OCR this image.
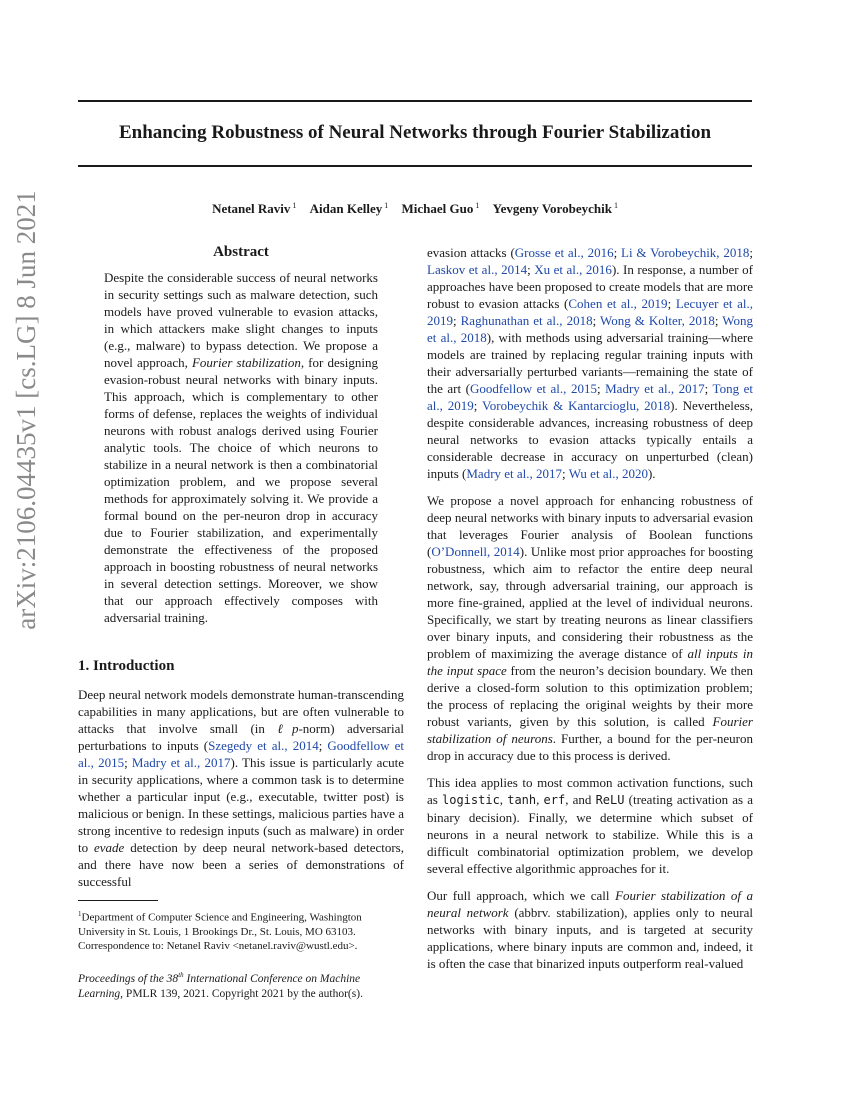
arXiv:2106.04435v1 [cs.LG] 8 Jun 2021
Enhancing Robustness of Neural Networks through Fourier Stabilization
Netanel Raviv $^1$ Aidan Kelley $^1$ Michael Guo $^1$ Yevgeny Vorobeychik $^1$
Abstract

Despite the considerable success of neural networks in security settings such as malware detection, such models have proved vulnerable to evasion attacks, in which attackers make slight changes to inputs (e.g., malware) to bypass detection. We propose a novel approach, Fourier stabilization, for designing evasion-robust neural networks with binary inputs. This approach, which is complementary to other forms of defense, replaces the weights of individual neurons with robust analogs derived using Fourier analytic tools. The choice of which neurons to stabilize in a neural network is then a combinatorial optimization problem, and we propose several methods for approximately solving it. We provide a formal bound on the per-neuron drop in accuracy due to Fourier stabilization, and experimentally demonstrate the effectiveness of the proposed approach in boosting robustness of neural networks in several detection settings. Moreover, we show that our approach effectively composes with adversarial training.

1. Introduction

Deep neural network models demonstrate human-transcending capabilities in many applications, but are often vulnerable to attacks that involve small (in ℓp-norm) adversarial perturbations to inputs (Szegedy et al., 2014; Goodfellow et al., 2015; Madry et al., 2017). This issue is particularly acute in security applications, where a common task is to determine whether a particular input (e.g., executable, twitter post) is malicious or benign. In these settings, malicious parties have a strong incentive to redesign inputs (such as malware) in order to evade detection by deep neural network-based detectors, and there have now been a series of demonstrations of successful

$^1$Department of Computer Science and Engineering, Washington University in St. Louis, 1 Brookings Dr., St. Louis, MO 63103. Correspondence to: Netanel Raviv <netanel.raviv@wustl.edu>.
Proceedings of the 38th International Conference on Machine Learning, PMLR 139, 2021. Copyright 2021 by the author(s).

evasion attacks (Grosse et al., 2016; Li & Vorobeychik, 2018; Laskov et al., 2014; Xu et al., 2016). In response, a number of approaches have been proposed to create models that are more robust to evasion attacks (Cohen et al., 2019; Lecuyer et al., 2019; Raghunathan et al., 2018; Wong & Kolter, 2018; Wong et al., 2018), with methods using adversarial training—where models are trained by replacing regular training inputs with their adversarially perturbed variants—remaining the state of the art (Goodfellow et al., 2015; Madry et al., 2017; Tong et al., 2019; Vorobeychik & Kantarcioglu, 2018). Nevertheless, despite considerable advances, increasing robustness of deep neural networks to evasion attacks typically entails a considerable decrease in accuracy on unperturbed (clean) inputs (Madry et al., 2017; Wu et al., 2020).

We propose a novel approach for enhancing robustness of deep neural networks with binary inputs to adversarial evasion that leverages Fourier analysis of Boolean functions (O’Donnell, 2014). Unlike most prior approaches for boosting robustness, which aim to refactor the entire deep neural network, say, through adversarial training, our approach is more fine-grained, applied at the level of individual neurons. Specifically, we start by treating neurons as linear classifiers over binary inputs, and considering their robustness as the problem of maximizing the average distance of all inputs in the input space from the neuron’s decision boundary. We then derive a closed-form solution to this optimization problem; the process of replacing the original weights by their more robust variants, given by this solution, is called Fourier stabilization of neurons. Further, a bound for the per-neuron drop in accuracy due to this process is derived.

This idea applies to most common activation functions, such as logistic, tanh, erf, and ReLU (treating activation as a binary decision). Finally, we determine which subset of neurons in a neural network to stabilize. While this is a difficult combinatorial optimization problem, we develop several effective algorithmic approaches for it.

Our full approach, which we call Fourier stabilization of a neural network (abbrv. stabilization), applies only to neural networks with binary inputs, and is targeted at security applications, where binary inputs are common and, indeed, it is often the case that binarized inputs outperform real-valued
